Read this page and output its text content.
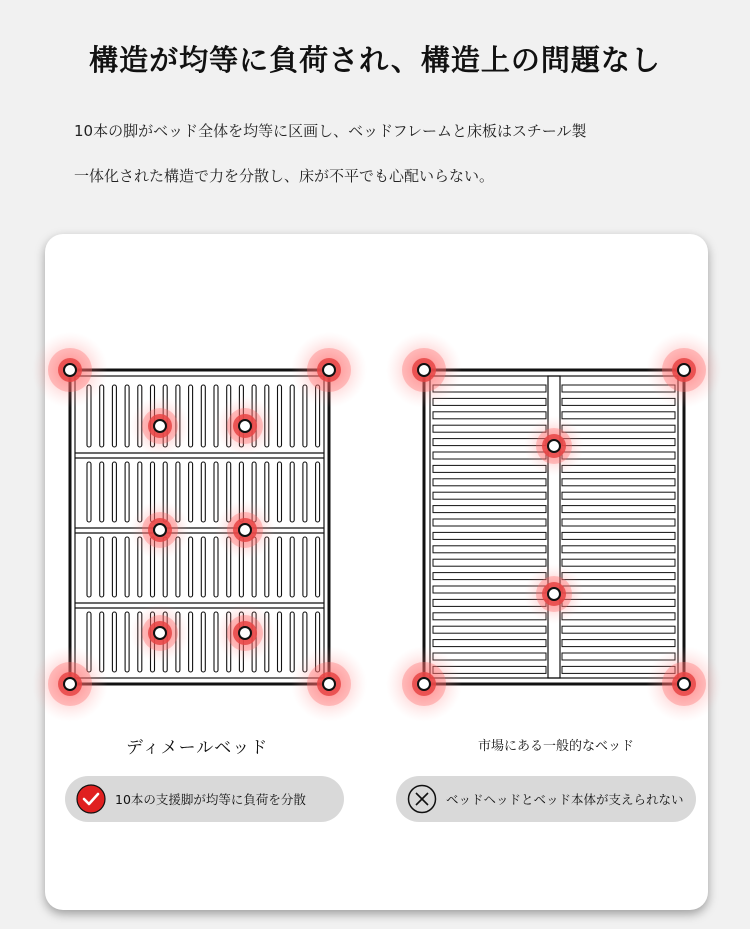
構造が均等に負荷され、構造上の問題なし
10本の脚がベッド全体を均等に区画し、ベッドフレームと床板はスチール製
一体化された構造で力を分散し、床が不平でも心配いらない。
ディメールベッド	市場にある一般的なベッド
10本の支援脚が均等に負荷を分散	ベッドヘッドとベッド本体が支えられない
